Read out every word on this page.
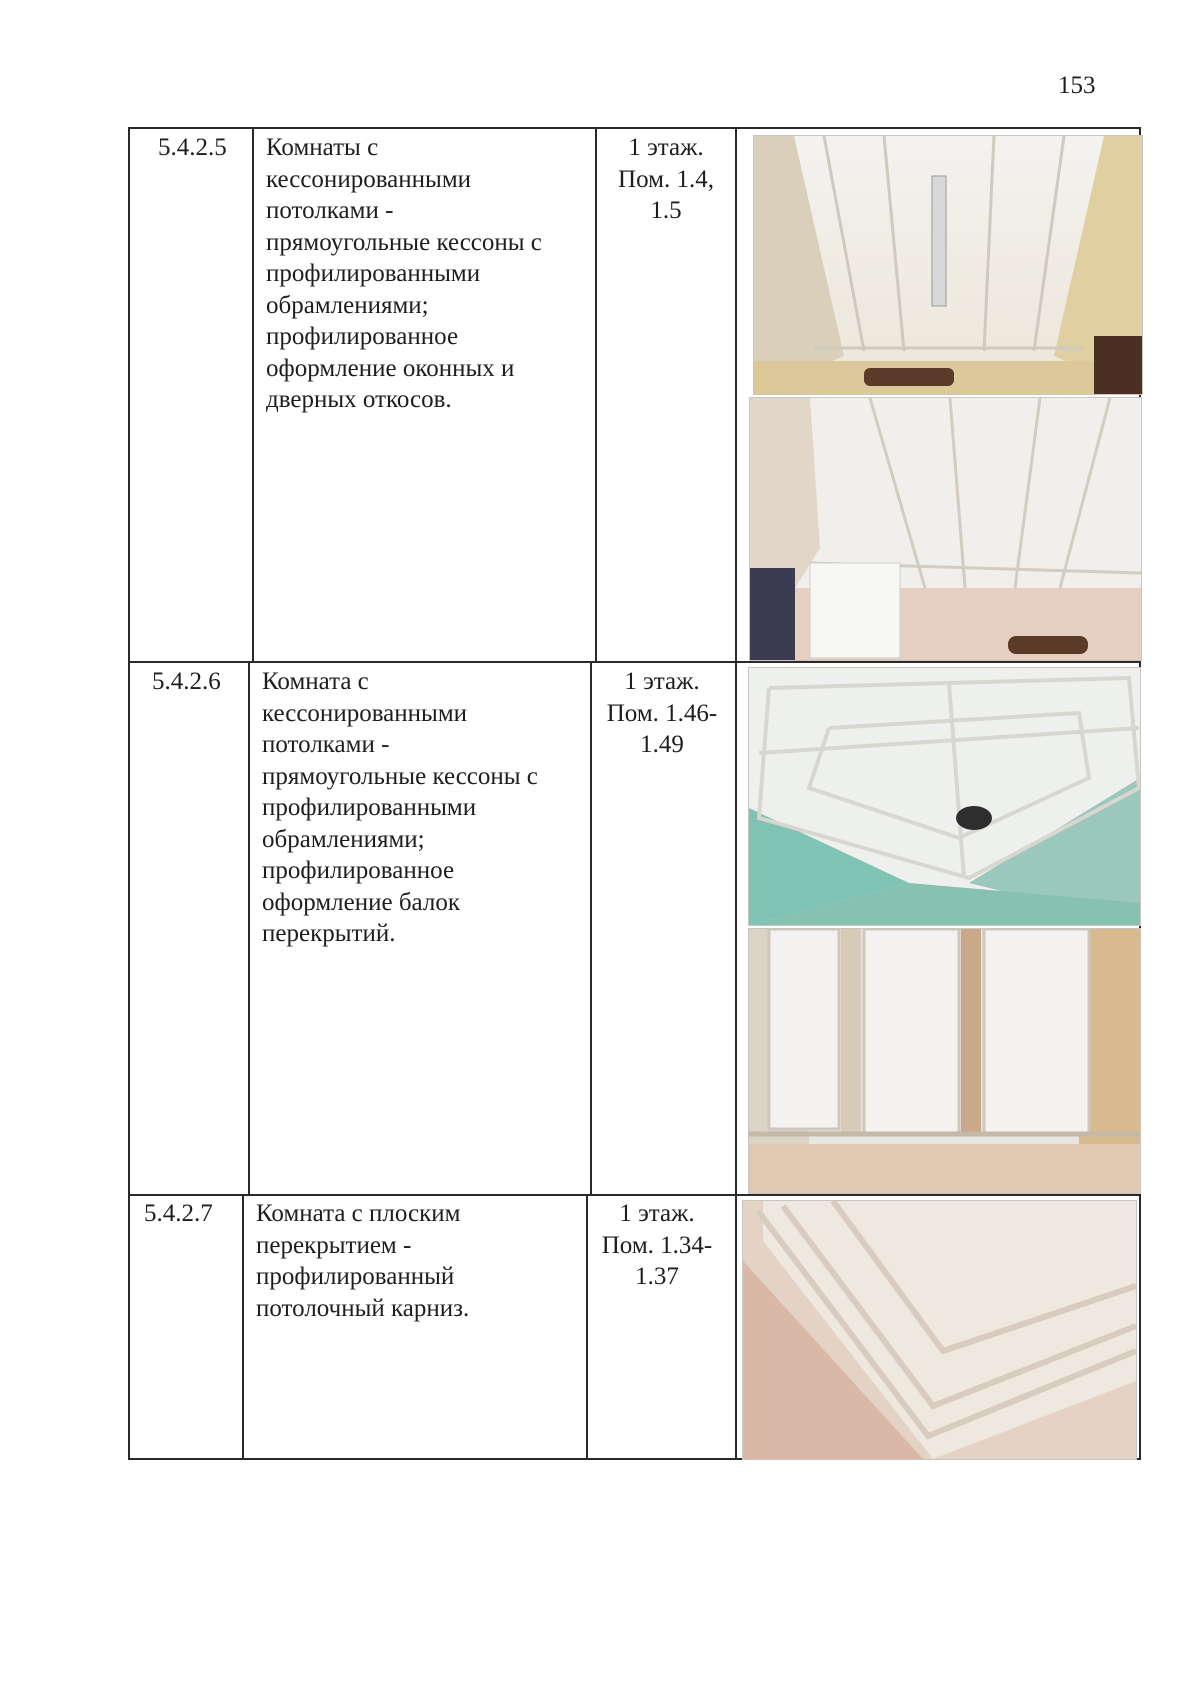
153
5.4.2.5 Комнаты с
кессонированными
потолками -
прямоугольные кессоны с
профилированными
обрамлениями;
профилированное
оформление оконных и
дверных откосов.
1 этаж.
Пом. 1.4,
1.5
5.4.2.6 Комната с
кессонированными
потолками -
прямоугольные кессоны с
профилированными
обрамлениями;
профилированное
оформление балок
перекрытий.
1 этаж.
Пом. 1.46-
1.49
5.4.2.7 Комната с плоским
перекрытием -
профилированный
потолочный карниз.
1 этаж.
Пом. 1.34-
1.37
